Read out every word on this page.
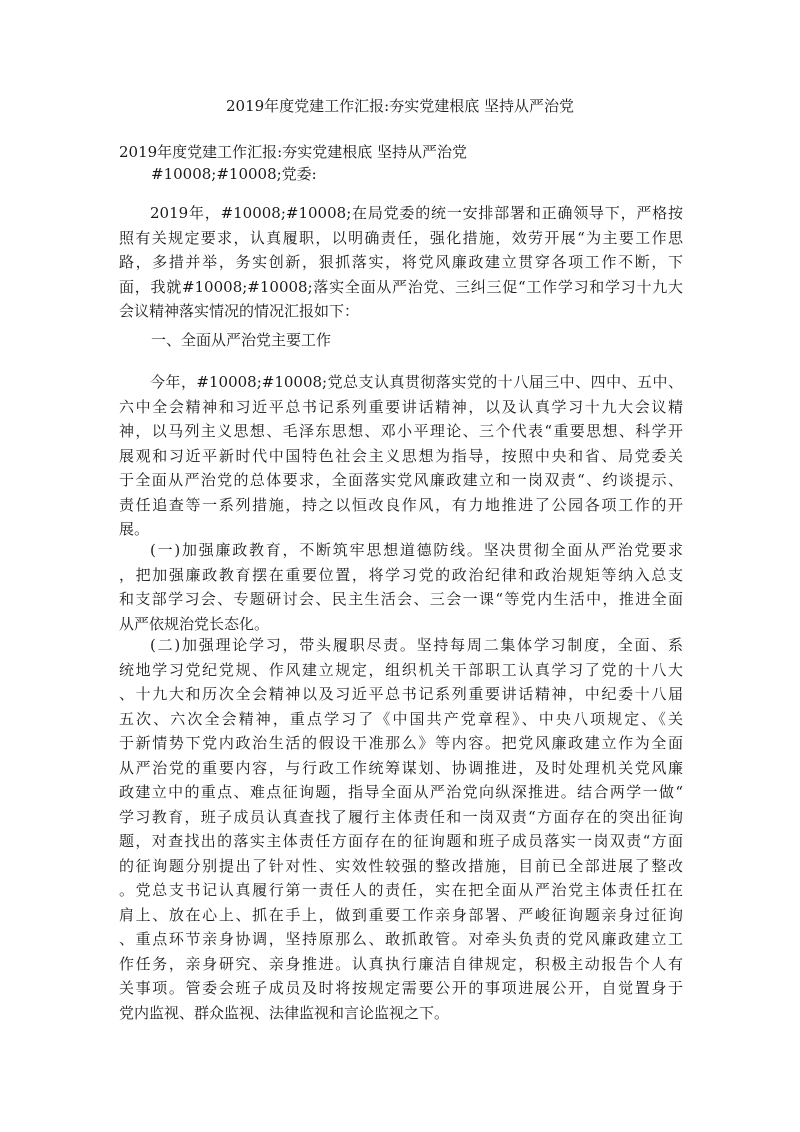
2019年度党建工作汇报:夯实党建根底 坚持从严治党
2019年度党建工作汇报:夯实党建根底 坚持从严治党
#10008;#10008;党委:
2019年，#10008;#10008;在局党委的统一安排部署和正确领导下，严格按
照有关规定要求，认真履职，以明确责任，强化措施，效劳开展“为主要工作思
路，多措并举，务实创新，狠抓落实，将党风廉政建立贯穿各项工作不断，下
面，我就#10008;#10008;落实全面从严治党、三纠三促“工作学习和学习十九大
会议精神落实情况的情况汇报如下：
一、全面从严治党主要工作
今年，#10008;#10008;党总支认真贯彻落实党的十八届三中、四中、五中、
六中全会精神和习近平总书记系列重要讲话精神，以及认真学习十九大会议精
神，以马列主义思想、毛泽东思想、邓小平理论、三个代表“重要思想、科学开
展观和习近平新时代中国特色社会主义思想为指导，按照中央和省、局党委关
于全面从严治党的总体要求，全面落实党风廉政建立和一岗双责“、约谈提示、
责任追查等一系列措施，持之以恒改良作风，有力地推进了公园各项工作的开
展。
(一)加强廉政教育，不断筑牢思想道德防线。坚决贯彻全面从严治党要求
，把加强廉政教育摆在重要位置，将学习党的政治纪律和政治规矩等纳入总支
和支部学习会、专题研讨会、民主生活会、三会一课“等党内生活中，推进全面
从严依规治党长态化。
(二)加强理论学习，带头履职尽责。坚持每周二集体学习制度，全面、系
统地学习党纪党规、作风建立规定，组织机关干部职工认真学习了党的十八大
、十九大和历次全会精神以及习近平总书记系列重要讲话精神，中纪委十八届
五次、六次全会精神，重点学习了《中国共产党章程》、中央八项规定、《关
于新情势下党内政治生活的假设干准那么》等内容。把党风廉政建立作为全面
从严治党的重要内容，与行政工作统筹谋划、协调推进，及时处理机关党风廉
政建立中的重点、难点征询题，指导全面从严治党向纵深推进。结合两学一做“
学习教育，班子成员认真查找了履行主体责任和一岗双责“方面存在的突出征询
题，对查找出的落实主体责任方面存在的征询题和班子成员落实一岗双责“方面
的征询题分别提出了针对性、实效性较强的整改措施，目前已全部进展了整改
。党总支书记认真履行第一责任人的责任，实在把全面从严治党主体责任扛在
肩上、放在心上、抓在手上，做到重要工作亲身部署、严峻征询题亲身过征询
、重点环节亲身协调，坚持原那么、敢抓敢管。对牵头负责的党风廉政建立工
作任务，亲身研究、亲身推进。认真执行廉洁自律规定，积极主动报告个人有
关事项。管委会班子成员及时将按规定需要公开的事项进展公开，自觉置身于
党内监视、群众监视、法律监视和言论监视之下。
